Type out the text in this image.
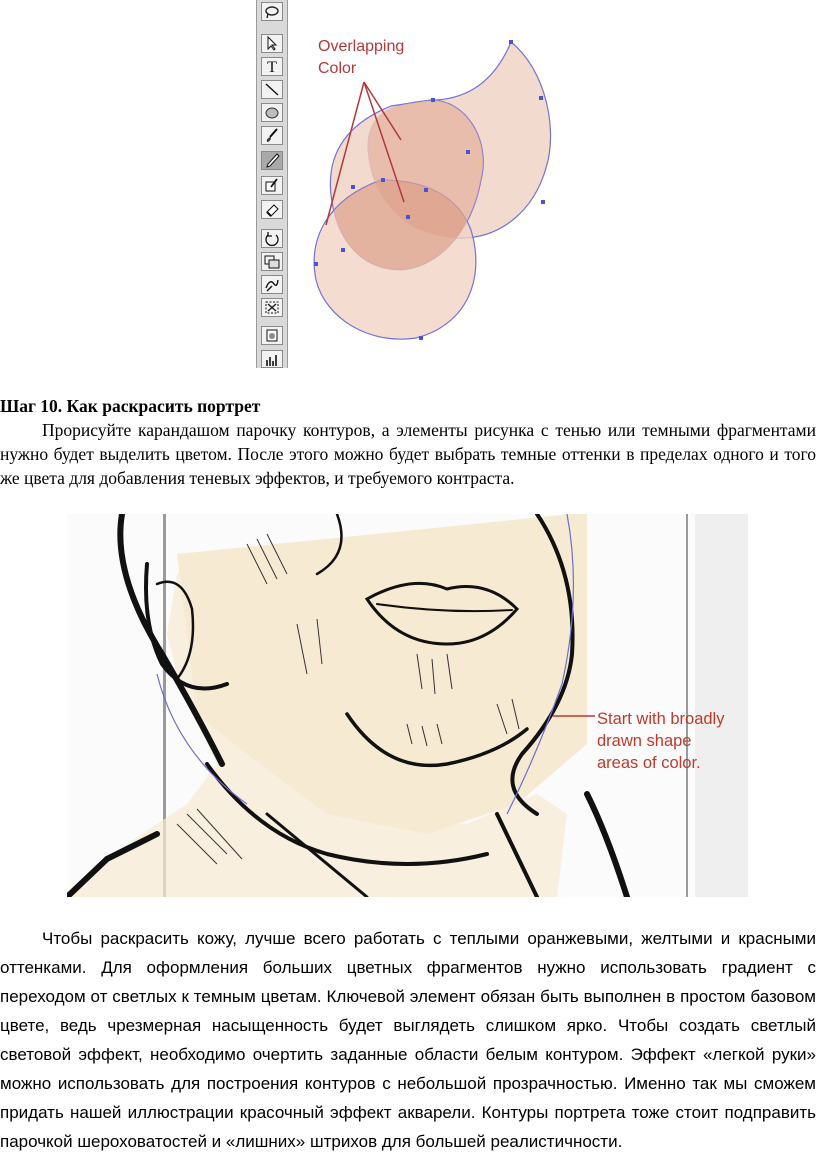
T
Overlapping
Color
Шаг 10. Как раскрасить портрет
Прорисуйте карандашом парочку контуров, а элементы рисунка с тенью или темными фрагментами нужно будет выделить цветом. После этого можно будет выбрать темные оттенки в пределах одного и того же цвета для добавления теневых эффектов, и требуемого контраста.
Start with broadly
drawn shape
areas of color.
Чтобы раскрасить кожу, лучше всего работать с теплыми оранжевыми, желтыми и красными оттенками. Для оформления больших цветных фрагментов нужно использовать градиент с переходом от светлых к темным цветам. Ключевой элемент обязан быть выполнен в простом базовом цвете, ведь чрезмерная насыщенность будет выглядеть слишком ярко. Чтобы создать светлый световой эффект, необходимо очертить заданные области белым контуром. Эффект «легкой руки» можно использовать для построения контуров с небольшой прозрачностью. Именно так мы сможем придать нашей иллюстрации красочный эффект акварели. Контуры портрета тоже стоит подправить парочкой шероховатостей и «лишних» штрихов для большей реалистичности.
